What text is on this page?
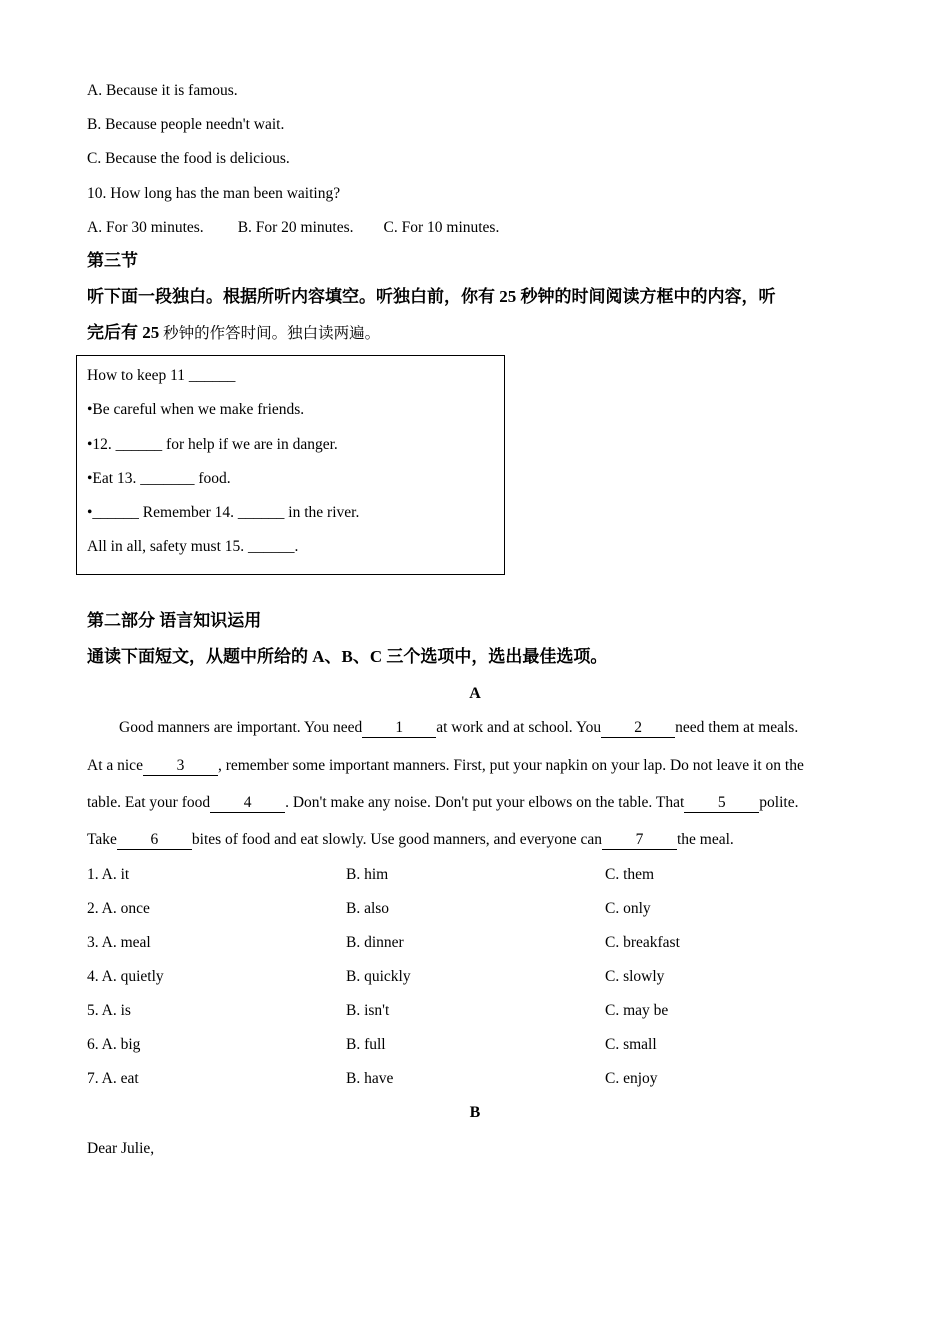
A. Because it is famous.
B. Because people needn't wait.
C. Because the food is delicious.
10. How long has the man been waiting?
A. For 30 minutes. B. For 20 minutes. C. For 10 minutes.
第三节
听下面一段独白。根据所听内容填空。听独白前，你有 25 秒钟的时间阅读方框中的内容，听
完后有 25 秒钟的作答时间。独白读两遍。
How to keep 11 ______
•Be careful when we make friends.
•12. ______ for help if we are in danger.
•Eat 13. _______ food.
•______ Remember 14. ______ in the river.
All in all, safety must 15. ______.
第二部分 语言知识运用
通读下面短文，从题中所给的 A、B、C 三个选项中，选出最佳选项。
A
Good manners are important. You need 1 at work and at school. You 2 need them at meals.
At a nice 3 , remember some important manners. First, put your napkin on your lap. Do not leave it on the
table. Eat your food 4 . Don't make any noise. Don't put your elbows on the table. That 5 polite.
Take 6 bites of food and eat slowly. Use good manners, and everyone can 7 the meal.
1. A. it	B. him	C. them
2. A. once	B. also	C. only
3. A. meal	B. dinner	C. breakfast
4. A. quietly	B. quickly	C. slowly
5. A. is	B. isn't	C. may be
6. A. big	B. full	C. small
7. A. eat	B. have	C. enjoy
B
Dear Julie,
